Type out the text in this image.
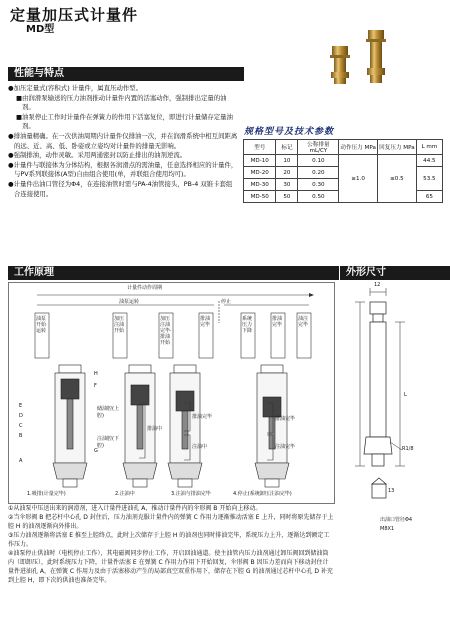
定量加压式计量件
MD型
性能与特点

●加压定量式(容积式) 计量件，属直压动作型。

■由润滑泵输送的压力油剂推动计量件内置的活塞动作，强制排出定量的油剂。

■油泵停止工作时计量件在弹簧力的作用下活塞复位，即进行计量储存定量油剂。

●排油量精确。在一次供油周期内计量件仅排油一次，并在润滑系统中相互间距离的远、近、高、低、卧姿或立姿均对计量件的排量无影响。

●强制排油，动作灵敏。采用两通密封以防止排出的油剂逆流。

●计量件与联接体为分体结构，根据各润滑点的需油量，任意选择相应的计量件，与PV系列联接体(A型)自由组合使用(单，并联组合使用均可)。

●计量件出油口管径为Φ4，在连接油管时需与PA-4油管接头，PB-4 双锥卡套组合连接使用。

规格型号及技术参数
型号	标记	公称排量 mL/CY	动作压力 MPa	回复压力 MPa	L mm
MD-10	10	0.10	≥1.0	≤0.5	44.5
MD-20	20	0.20			53.5
MD-30	30	0.30			
MD-50	50	0.50			65
工作原理	外形尺寸
计量件动作周期
油泵运转	停止
油泵开始运转
加压注油开始
加压注油完毕·排油开始
排油完毕
系统压力下降
排油完毕
油注完毕
H
F
E
D
C
B
A
G
储油腔(上腔)
注油腔(下腔)
排油中
排油完毕
注油中
排油完毕
注油完毕
1.吸排(计量完毕)	2.注油中	3.注油与排油完毕	4.停止(系统卸压注油完毕)
L
R1/8
12
13
出油口管径Φ4
M8X1

①从油泵中压送出来的润滑剂，进入计量件进油孔 A，推动计量件内的伞形阀 B 开始向上移动。

②当伞形阀 B 把芯杆中心孔 D 封住后，压力油剂克服计量件内的弹簧 C 作用力逐渐推动活塞 E 上升，同时将原先储存于上腔 H 的油剂逐渐向外排出。

③压力油剂逐渐将活塞 E 推至上腔终点，此时上次储存于上腔 H 的油剂也同时排油完毕，系统压力上升，逐渐达到额定工作压力。

④油泵停止供油时（电机停止工作），其电磁阀同步停止工作，开启回油通道。使主油管内压力油剂通过卸压阀回到储油筒内（即卸压），此时系统压力下降，计量件活塞 E 在弹簧 C 作用力作用下开始回复，伞形阀 B 因压力差而向下移动封住计量件进油孔 A，在弹簧 C 作用力及由于活塞移动产生的局部真空双重作用下，储存在下腔 G 的油剂通过芯杆中心孔 D 补充到上腔 H，即下次的供油也准备完毕。
